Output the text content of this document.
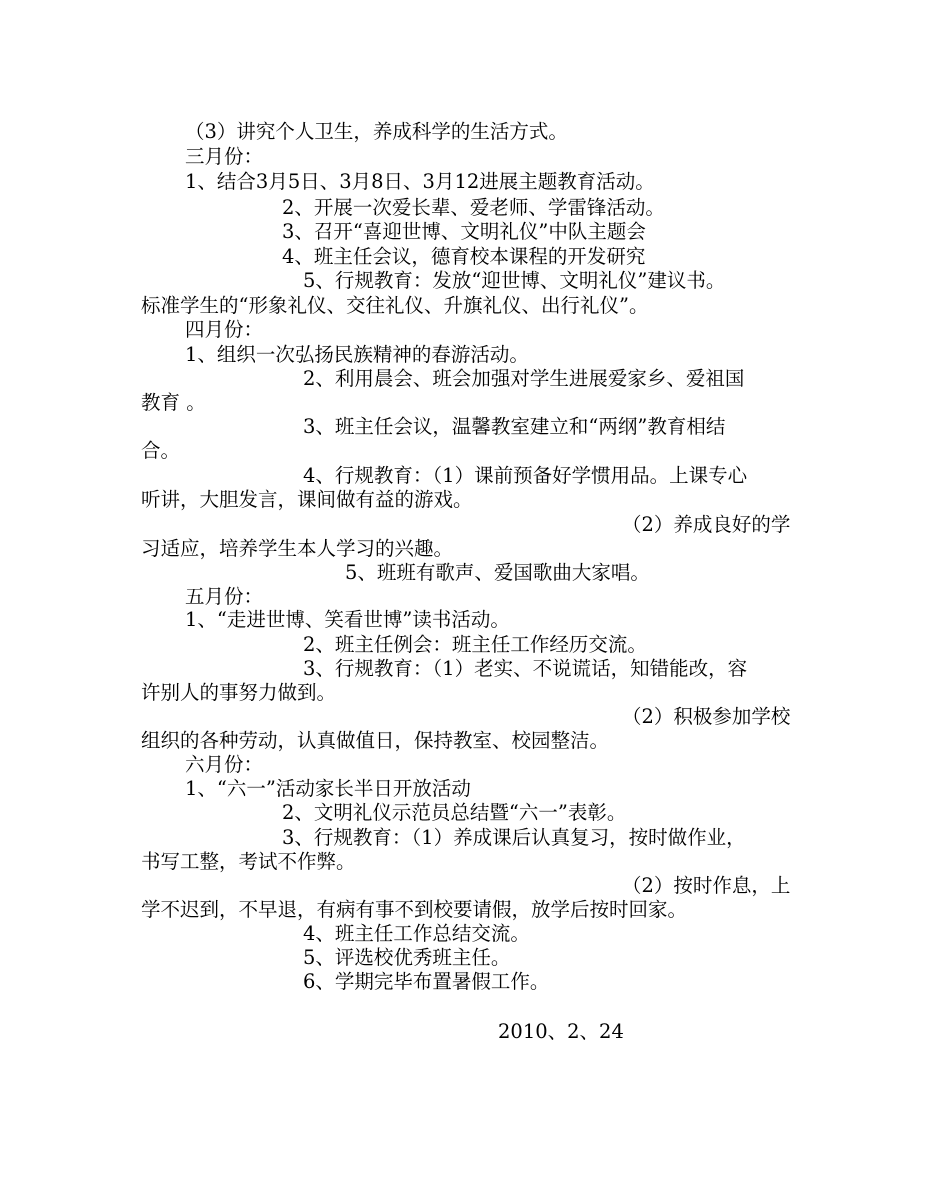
（3）讲究个人卫生，养成科学的生活方式。

三月份：

1、结合3月5日、3月8日、3月12进展主题教育活动。

2、开展一次爱长辈、爱老师、学雷锋活动。

3、召开“喜迎世博、文明礼仪”中队主题会

4、班主任会议，德育校本课程的开发研究

5、行规教育：发放“迎世博、文明礼仪”建议书。

标准学生的“形象礼仪、交往礼仪、升旗礼仪、出行礼仪”。

四月份：

1、组织一次弘扬民族精神的春游活动。

2、利用晨会、班会加强对学生进展爱家乡、爱祖国

教育 。

3、班主任会议，温馨教室建立和“两纲”教育相结

合。

4、行规教育：（1）课前预备好学惯用品。上课专心

听讲，大胆发言，课间做有益的游戏。

（2）养成良好的学

习适应，培养学生本人学习的兴趣。

5、班班有歌声、爱国歌曲大家唱。

五月份：

1、“走进世博、笑看世博”读书活动。

2、班主任例会：班主任工作经历交流。

3、行规教育：（1）老实、不说谎话，知错能改，容

许别人的事努力做到。

（2）积极参加学校

组织的各种劳动，认真做值日，保持教室、校园整洁。

六月份：

1、“六一”活动家长半日开放活动

2、文明礼仪示范员总结暨“六一”表彰。

3、行规教育：（1）养成课后认真复习，按时做作业，

书写工整，考试不作弊。

（2）按时作息，上

学不迟到，不早退，有病有事不到校要请假，放学后按时回家。

4、班主任工作总结交流。

5、评选校优秀班主任。

6、学期完毕布置暑假工作。

2010、2、24
